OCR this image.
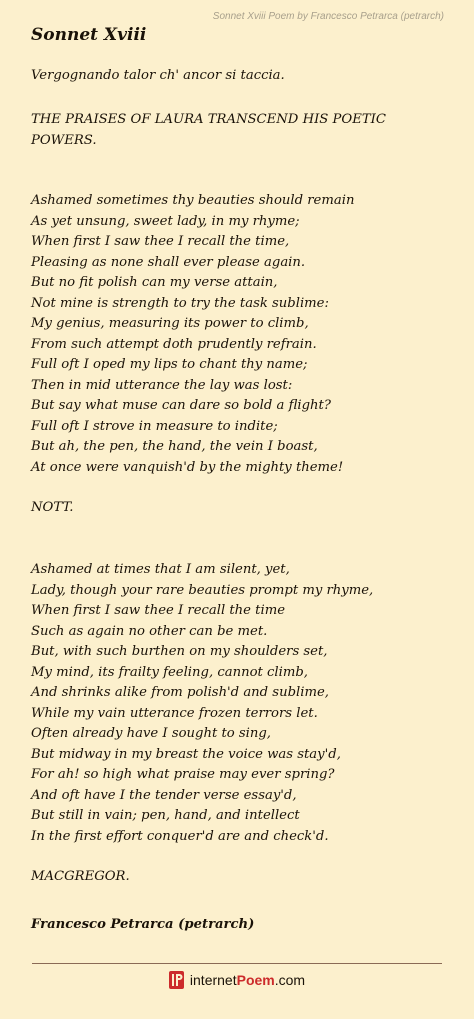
Sonnet Xviii Poem by Francesco Petrarca (petrarch)
Sonnet Xviii
Vergognando talor ch' ancor si taccia.
THE PRAISES OF LAURA TRANSCEND HIS POETIC
POWERS.
Ashamed sometimes thy beauties should remain
As yet unsung, sweet lady, in my rhyme;
When first I saw thee I recall the time,
Pleasing as none shall ever please again.
But no fit polish can my verse attain,
Not mine is strength to try the task sublime:
My genius, measuring its power to climb,
From such attempt doth prudently refrain.
Full oft I oped my lips to chant thy name;
Then in mid utterance the lay was lost:
But say what muse can dare so bold a flight?
Full oft I strove in measure to indite;
But ah, the pen, the hand, the vein I boast,
At once were vanquish'd by the mighty theme!
NOTT.
Ashamed at times that I am silent, yet,
Lady, though your rare beauties prompt my rhyme,
When first I saw thee I recall the time
Such as again no other can be met.
But, with such burthen on my shoulders set,
My mind, its frailty feeling, cannot climb,
And shrinks alike from polish'd and sublime,
While my vain utterance frozen terrors let.
Often already have I sought to sing,
But midway in my breast the voice was stay'd,
For ah! so high what praise may ever spring?
And oft have I the tender verse essay'd,
But still in vain; pen, hand, and intellect
In the first effort conquer'd are and check'd.
MACGREGOR.
Francesco Petrarca (petrarch)
internetPoem.com
